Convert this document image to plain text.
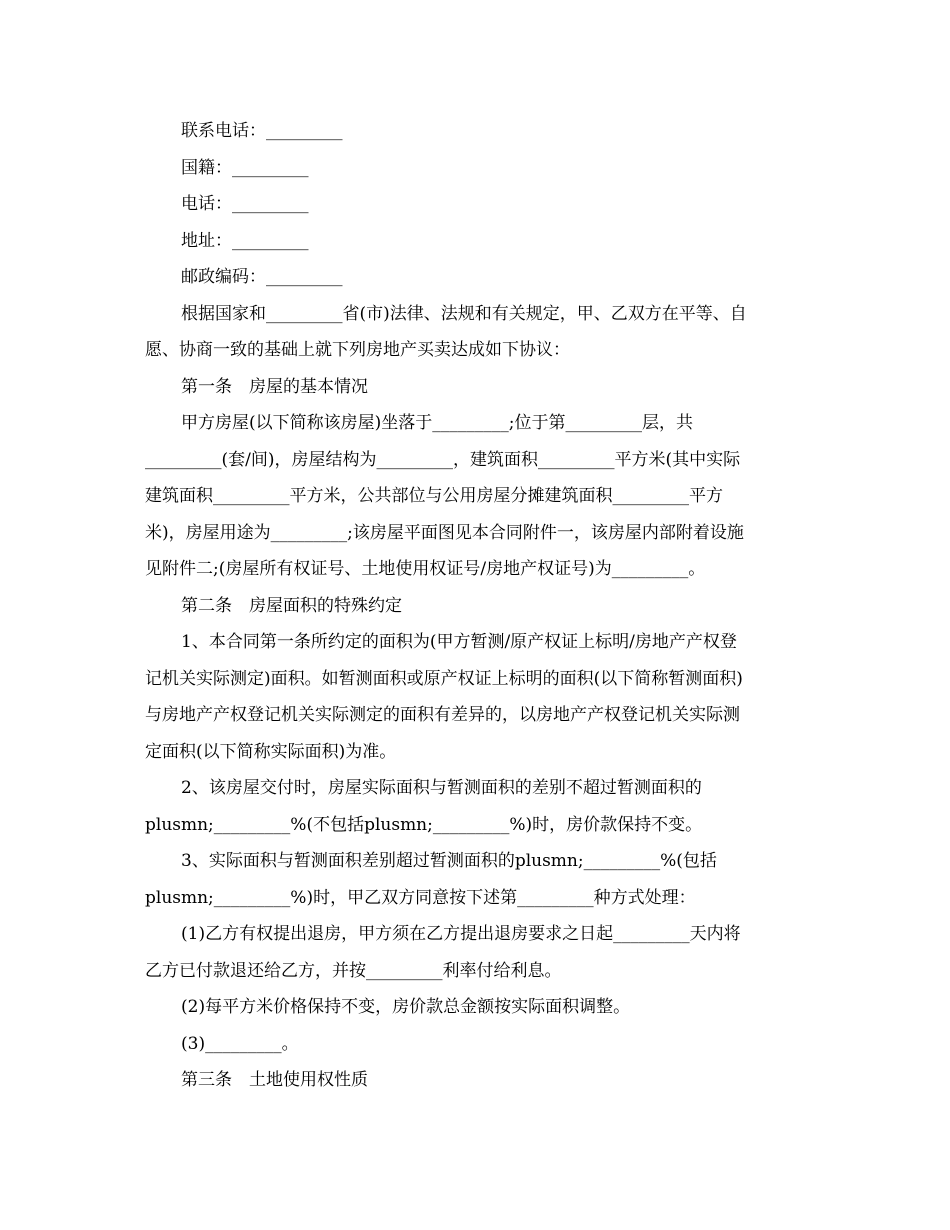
联系电话：_________
国籍：_________
电话：_________
地址：_________
邮政编码：_________
根据国家和_________省(市)法律、法规和有关规定，甲、乙双方在平等、自
愿、协商一致的基础上就下列房地产买卖达成如下协议：
第一条　房屋的基本情况
甲方房屋(以下简称该房屋)坐落于_________;位于第_________层，共
_________(套/间)，房屋结构为_________，建筑面积_________平方米(其中实际
建筑面积_________平方米，公共部位与公用房屋分摊建筑面积_________平方
米)，房屋用途为_________;该房屋平面图见本合同附件一，该房屋内部附着设施
见附件二;(房屋所有权证号、土地使用权证号/房地产权证号)为_________。
第二条　房屋面积的特殊约定
1、本合同第一条所约定的面积为(甲方暂测/原产权证上标明/房地产产权登
记机关实际测定)面积。如暂测面积或原产权证上标明的面积(以下简称暂测面积)
与房地产产权登记机关实际测定的面积有差异的，以房地产产权登记机关实际测
定面积(以下简称实际面积)为准。
2、该房屋交付时，房屋实际面积与暂测面积的差别不超过暂测面积的
plusmn;_________%(不包括plusmn;_________%)时，房价款保持不变。
3、实际面积与暂测面积差别超过暂测面积的plusmn;_________%(包括
plusmn;_________%)时，甲乙双方同意按下述第_________种方式处理：
(1)乙方有权提出退房，甲方须在乙方提出退房要求之日起_________天内将
乙方已付款退还给乙方，并按_________利率付给利息。
(2)每平方米价格保持不变，房价款总金额按实际面积调整。
(3)_________。
第三条　土地使用权性质
